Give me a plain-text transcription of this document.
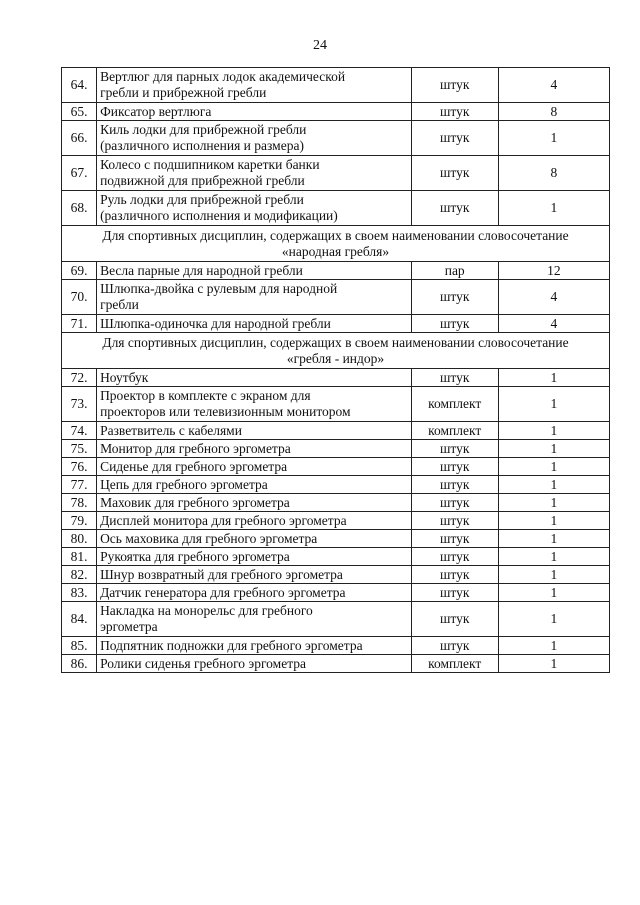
24
64.	Вертлюг для парных лодок академической
гребли и прибрежной гребли	штук	4
65.	Фиксатор вертлюга	штук	8
66.	Киль лодки для прибрежной гребли
(различного исполнения и размера)	штук	1
67.	Колесо с подшипником каретки банки
подвижной для прибрежной гребли	штук	8
68.	Руль лодки для прибрежной гребли
(различного исполнения и модификации)	штук	1

Для спортивных дисциплин, содержащих в своем наименовании словосочетание
«народная гребля»			

69.	Весла парные для народной гребли	пар	12
70.	Шлюпка-двойка с рулевым для народной
гребли	штук	4
71.	Шлюпка-одиночка для народной гребли	штук	4

Для спортивных дисциплин, содержащих в своем наименовании словосочетание
«гребля - индор»			

72.	Ноутбук	штук	1
73.	Проектор в комплекте с экраном для
проекторов или телевизионным монитором	комплект	1
74.	Разветвитель с кабелями	комплект	1
75.	Монитор для гребного эргометра	штук	1
76.	Сиденье для гребного эргометра	штук	1
77.	Цепь для гребного эргометра	штук	1
78.	Маховик для гребного эргометра	штук	1
79.	Дисплей монитора для гребного эргометра	штук	1
80.	Ось маховика для гребного эргометра	штук	1
81.	Рукоятка для гребного эргометра	штук	1
82.	Шнур возвратный для гребного эргометра	штук	1
83.	Датчик генератора для гребного эргометра	штук	1
84.	Накладка на монорельс для гребного
эргометра	штук	1
85.	Подпятник подножки для гребного эргометра	штук	1
86.	Ролики сиденья гребного эргометра	комплект	1
